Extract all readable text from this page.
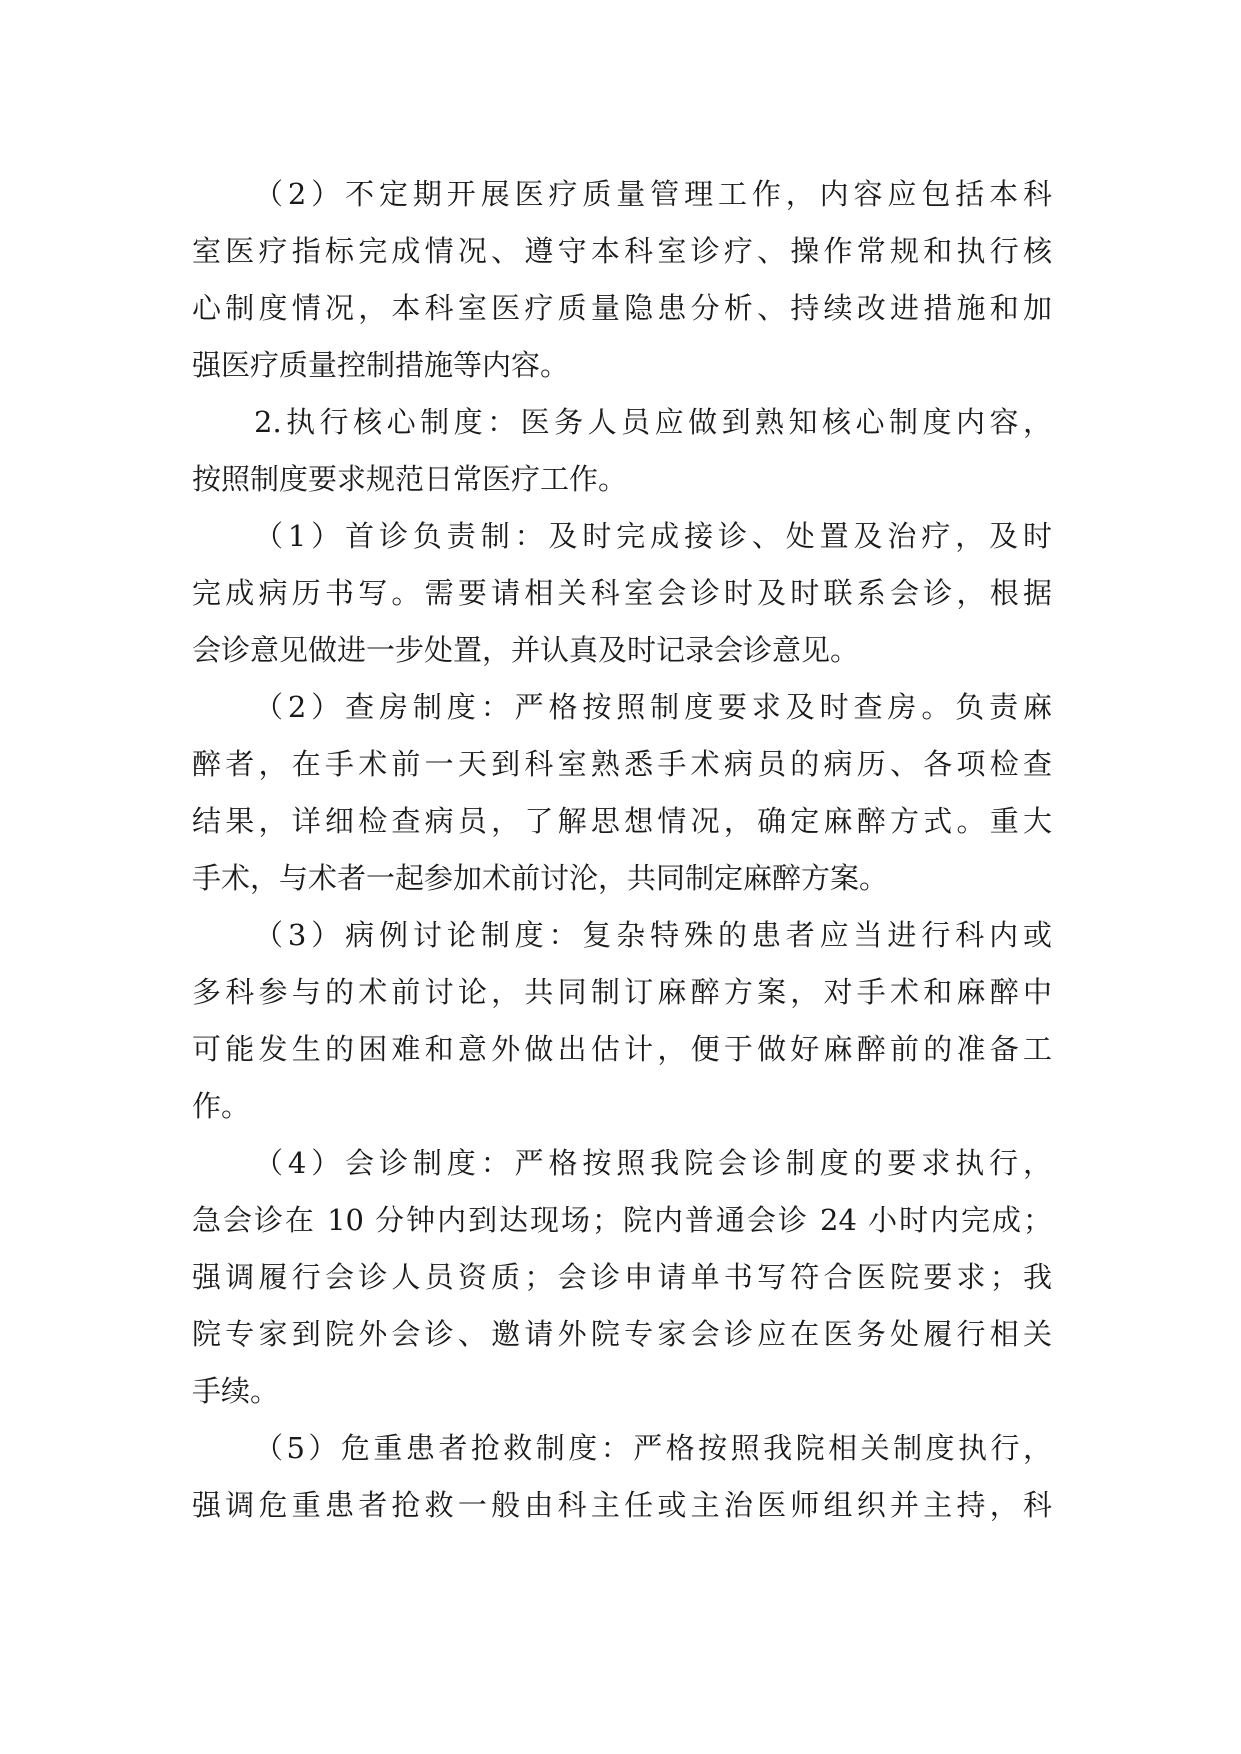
（2）不定期开展医疗质量管理工作，内容应包括本科
室医疗指标完成情况、遵守本科室诊疗、操作常规和执行核
心制度情况，本科室医疗质量隐患分析、持续改进措施和加
强医疗质量控制措施等内容。
2.执行核心制度：医务人员应做到熟知核心制度内容，
按照制度要求规范日常医疗工作。
（1）首诊负责制：及时完成接诊、处置及治疗，及时
完成病历书写。需要请相关科室会诊时及时联系会诊，根据
会诊意见做进一步处置，并认真及时记录会诊意见。
（2）查房制度：严格按照制度要求及时查房。负责麻
醉者，在手术前一天到科室熟悉手术病员的病历、各项检查
结果，详细检查病员，了解思想情况，确定麻醉方式。重大
手术，与术者一起参加术前讨沦，共同制定麻醉方案。
（3）病例讨论制度：复杂特殊的患者应当进行科内或
多科参与的术前讨论，共同制订麻醉方案，对手术和麻醉中
可能发生的困难和意外做出估计，便于做好麻醉前的准备工
作。
（4）会诊制度：严格按照我院会诊制度的要求执行，
急会诊在 10 分钟内到达现场；院内普通会诊 24 小时内完成；
强调履行会诊人员资质；会诊申请单书写符合医院要求；我
院专家到院外会诊、邀请外院专家会诊应在医务处履行相关
手续。
（5）危重患者抢救制度：严格按照我院相关制度执行，
强调危重患者抢救一般由科主任或主治医师组织并主持，科
